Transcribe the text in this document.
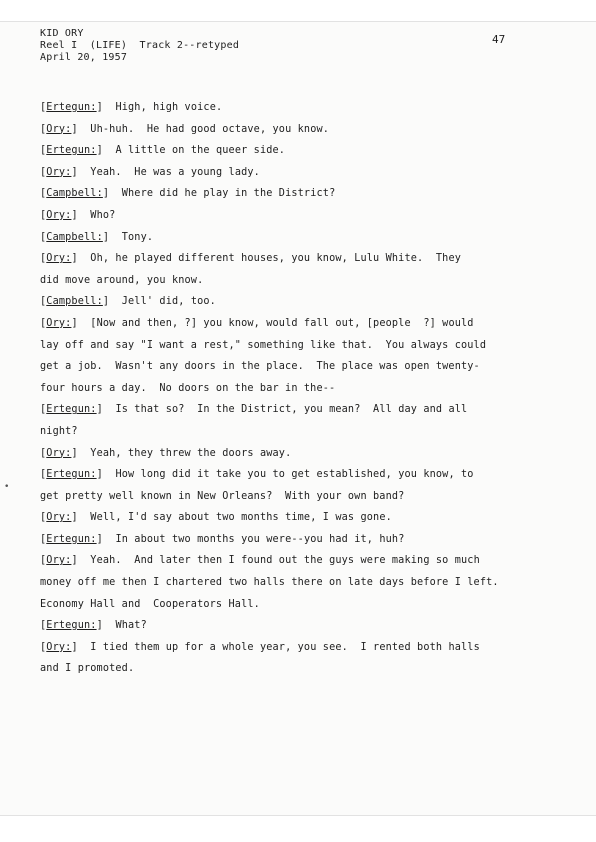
KID ORY
Reel I  (LIFE)  Track 2--retyped
April 20, 1957
47
•
[Ertegun:]  High, high voice.
[Ory:]  Uh-huh.  He had good octave, you know.
[Ertegun:]  A little on the queer side.
[Ory:]  Yeah.  He was a young lady.
[Campbell:]  Where did he play in the District?
[Ory:]  Who?
[Campbell:]  Tony.
[Ory:]  Oh, he played different houses, you know, Lulu White.  They
did move around, you know.
[Campbell:]  Jell' did, too.
[Ory:]  [Now and then, ?] you know, would fall out, [people  ?] would
lay off and say "I want a rest," something like that.  You always could
get a job.  Wasn't any doors in the place.  The place was open twenty-
four hours a day.  No doors on the bar in the--
[Ertegun:]  Is that so?  In the District, you mean?  All day and all
night?
[Ory:]  Yeah, they threw the doors away.
[Ertegun:]  How long did it take you to get established, you know, to
get pretty well known in New Orleans?  With your own band?
[Ory:]  Well, I'd say about two months time, I was gone.
[Ertegun:]  In about two months you were--you had it, huh?
[Ory:]  Yeah.  And later then I found out the guys were making so much
money off me then I chartered two halls there on late days before I left.
Economy Hall and  Cooperators Hall.
[Ertegun:]  What?
[Ory:]  I tied them up for a whole year, you see.  I rented both halls
and I promoted.
